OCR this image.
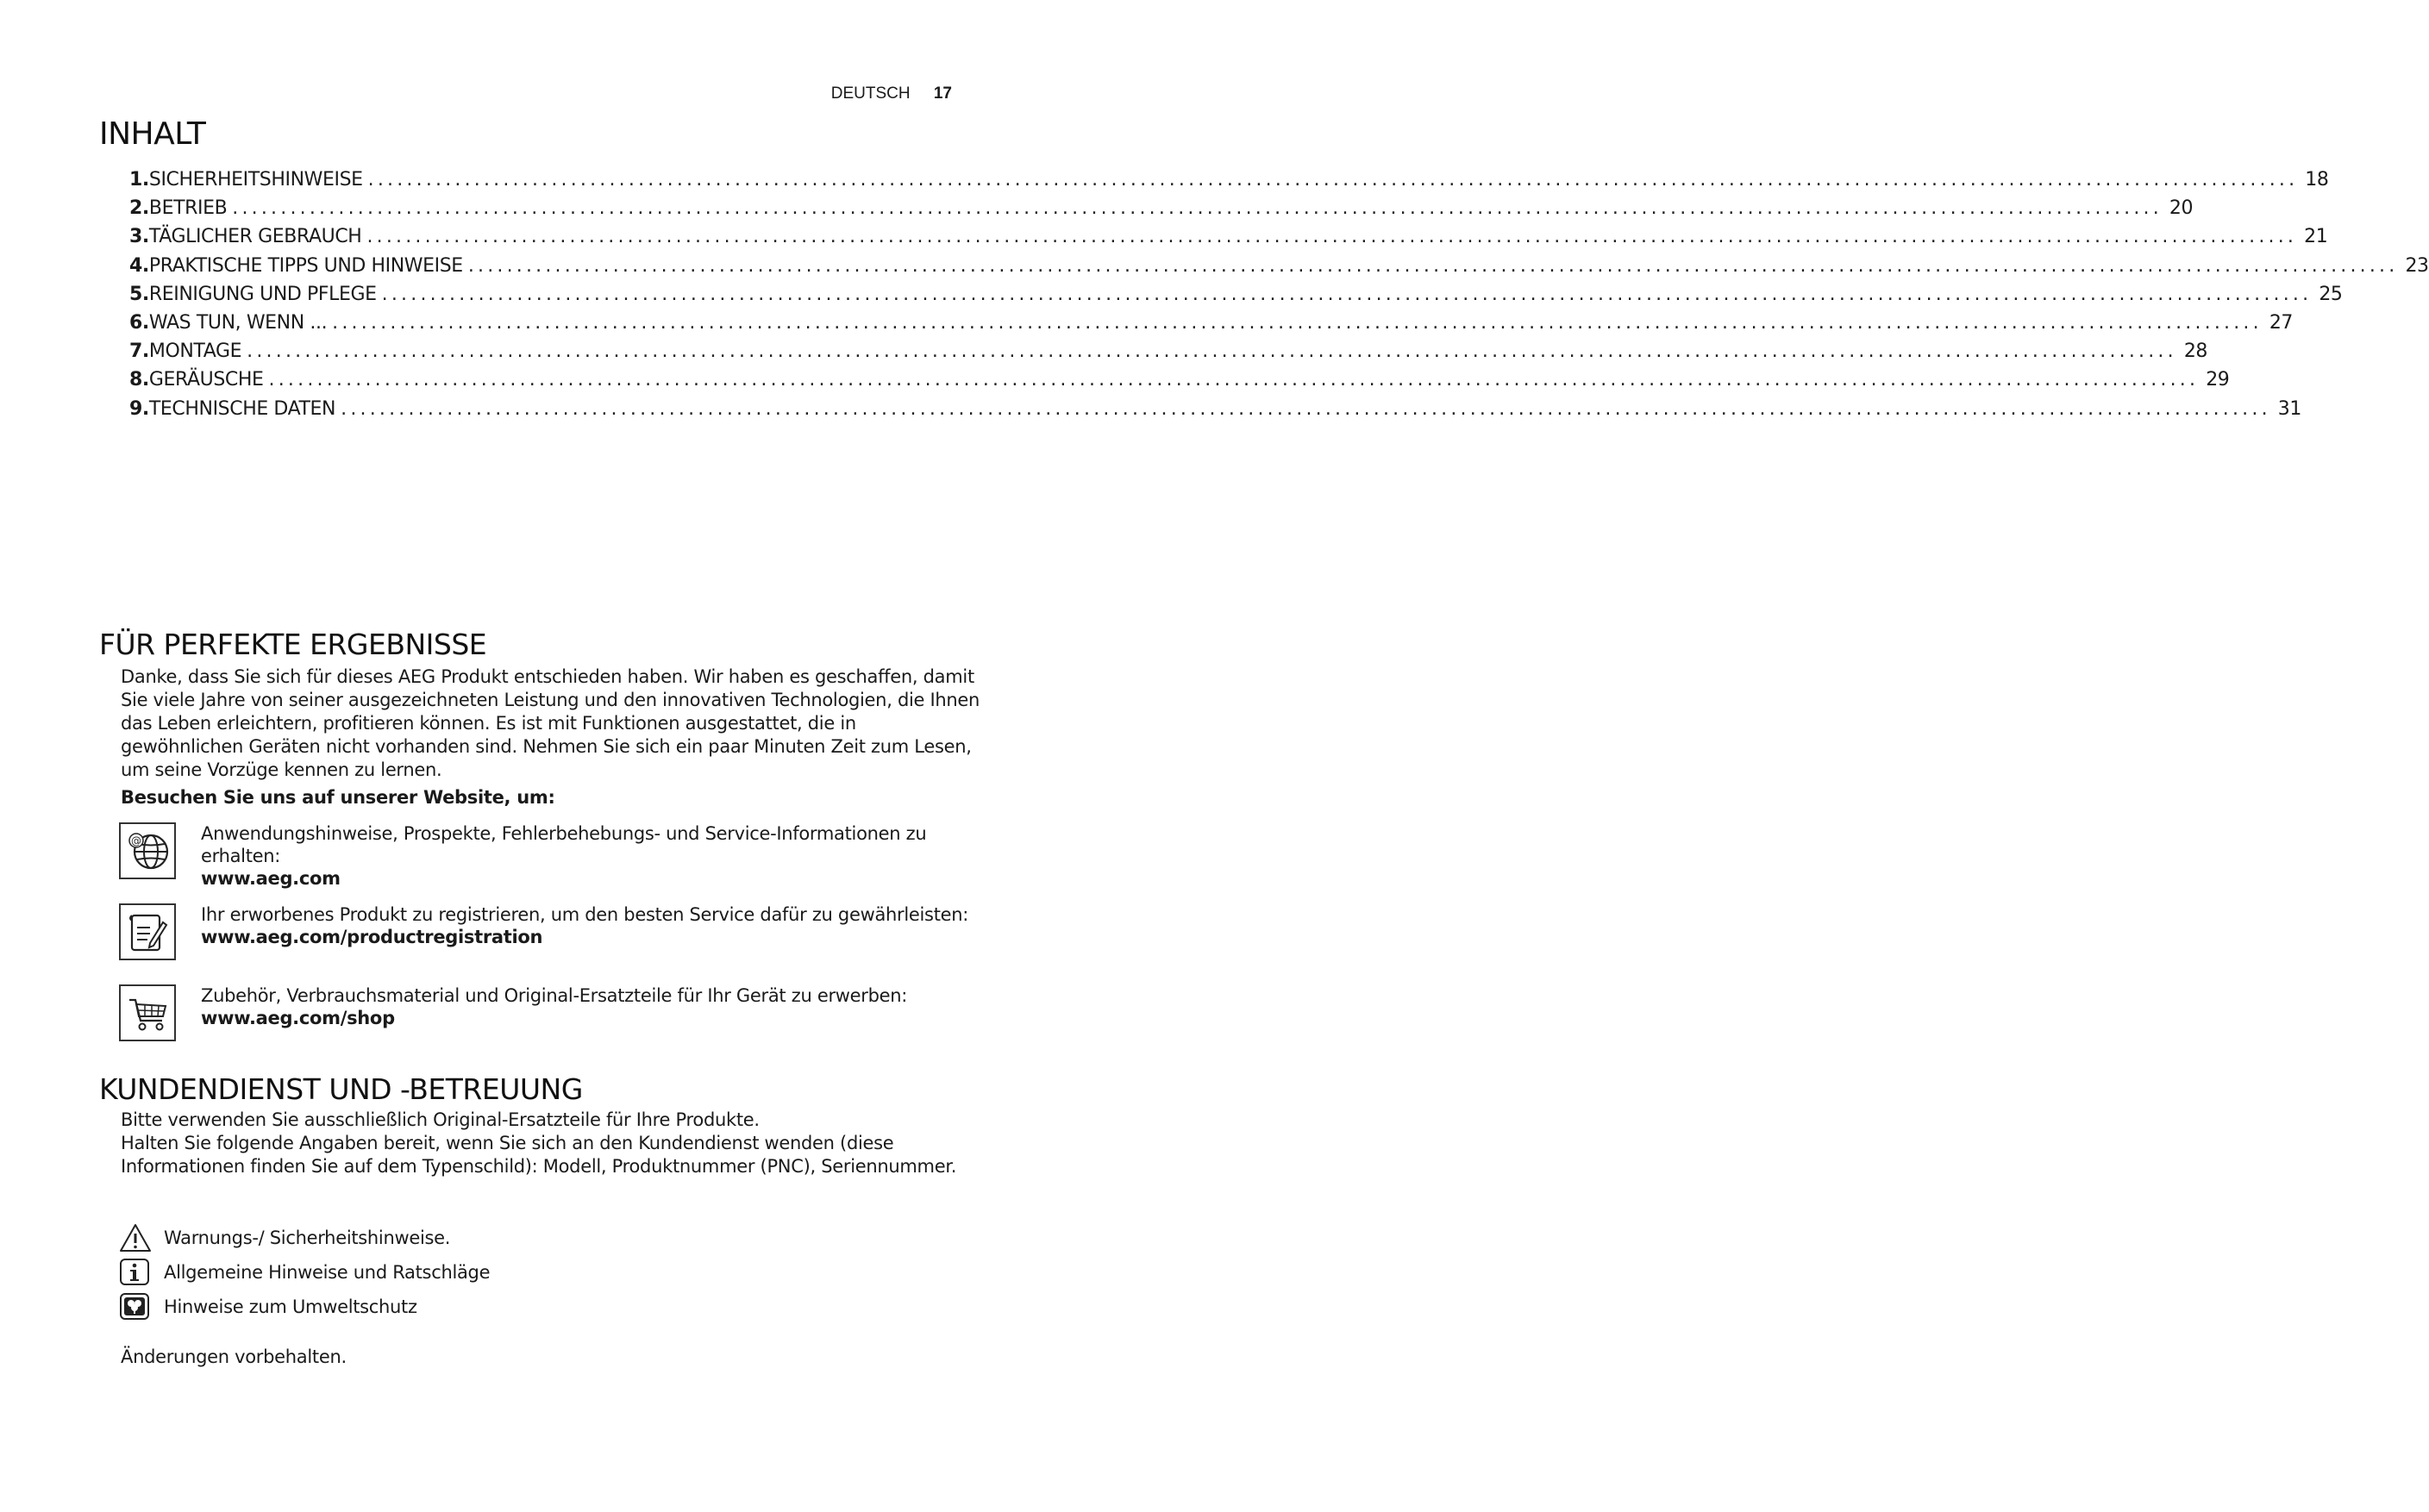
DEUTSCH 17
INHALT
1. SICHERHEITSHINWEISE ........................................................................................................................................................................................................ 18
2. BETRIEB ........................................................................................................................................................................................................ 20
3. TÄGLICHER GEBRAUCH ........................................................................................................................................................................................................ 21
4. PRAKTISCHE TIPPS UND HINWEISE ........................................................................................................................................................................................................ 23
5. REINIGUNG UND PFLEGE ........................................................................................................................................................................................................ 25
6. WAS TUN, WENN ... ........................................................................................................................................................................................................ 27
7. MONTAGE ........................................................................................................................................................................................................ 28
8. GERÄUSCHE ........................................................................................................................................................................................................ 29
9. TECHNISCHE DATEN ........................................................................................................................................................................................................ 31
FÜR PERFEKTE ERGEBNISSE

Danke, dass Sie sich für dieses AEG Produkt entschieden haben. Wir haben es geschaffen, damit Sie viele Jahre von seiner ausgezeichneten Leistung und den innovativen Technologien, die Ihnen das Leben erleichtern, profitieren können. Es ist mit Funktionen ausgestattet, die in gewöhnlichen Geräten nicht vorhanden sind. Nehmen Sie sich ein paar Minuten Zeit zum Lesen, um seine Vorzüge kennen zu lernen.

Besuchen Sie uns auf unserer Website, um:

@	Anwendungshinweise, Prospekte, Fehlerbehebungs- und Service-Informationen zu erhalten:
www.aeg.com
Ihr erworbenes Produkt zu registrieren, um den besten Service dafür zu gewährleisten:
www.aeg.com/productregistration
Zubehör, Verbrauchsmaterial und Original-Ersatzteile für Ihr Gerät zu erwerben:
www.aeg.com/shop
KUNDENDIENST UND -BETREUUNG
Bitte verwenden Sie ausschließlich Original-Ersatzteile für Ihre Produkte.
Halten Sie folgende Angaben bereit, wenn Sie sich an den Kundendienst wenden (diese Informationen finden Sie auf dem Typenschild): Modell, Produktnummer (PNC), Seriennummer.
Warnungs-/ Sicherheitshinweise.
Allgemeine Hinweise und Ratschläge
Hinweise zum Umweltschutz

Änderungen vorbehalten.
